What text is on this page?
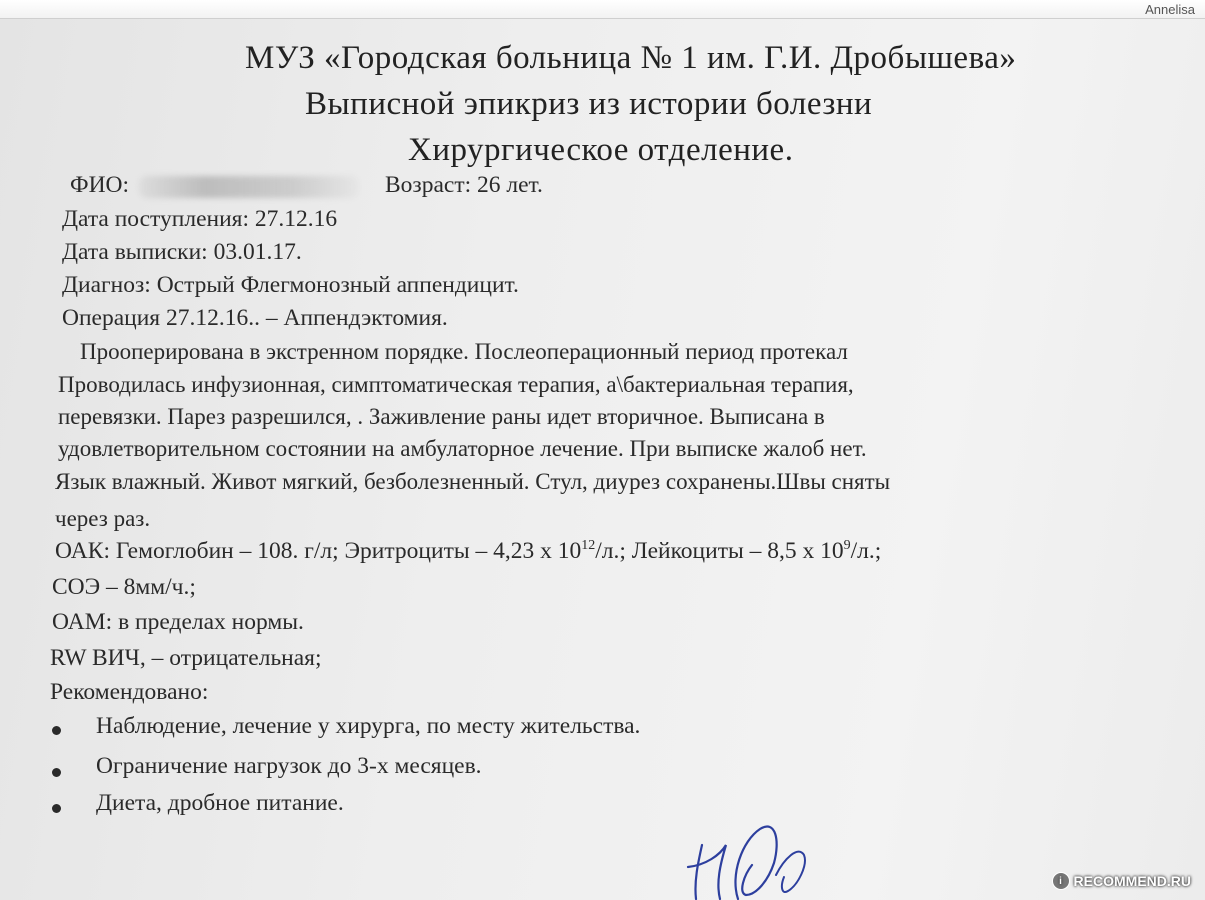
Annelisa
МУЗ «Городская больница № 1 им. Г.И. Дробышева»
Выписной эпикриз из истории болезни
Хирургическое отделение.
ФИО:	Возраст: 26 лет.
Дата поступления: 27.12.16
Дата выписки: 03.01.17.
Диагноз: Острый Флегмонозный аппендицит.
Операция 27.12.16.. – Аппендэктомия.
Прооперирована в экстренном порядке. Послеоперационный период протекал
Проводилась инфузионная, симптоматическая терапия, а\бактериальная терапия,
перевязки. Парез разрешился, . Заживление раны идет вторичное. Выписана в
удовлетворительном состоянии на амбулаторное лечение. При выписке жалоб нет.
Язык влажный. Живот мягкий, безболезненный. Стул, диурез сохранены.Швы сняты
через раз.
ОАК: Гемоглобин – 108. г/л; Эритроциты – 4,23 х $10^{12}/л$.; Лейкоциты – 8,5 х $10^9/л$.;
СОЭ – 8мм/ч.;
ОАМ: в пределах нормы.
RW ВИЧ, – отрицательная;
Рекомендовано:
Наблюдение, лечение у хирурга, по месту жительства.
Ограничение нагрузок до 3-х месяцев.
Диета, дробное питание.
i RECOMMEND.RU
